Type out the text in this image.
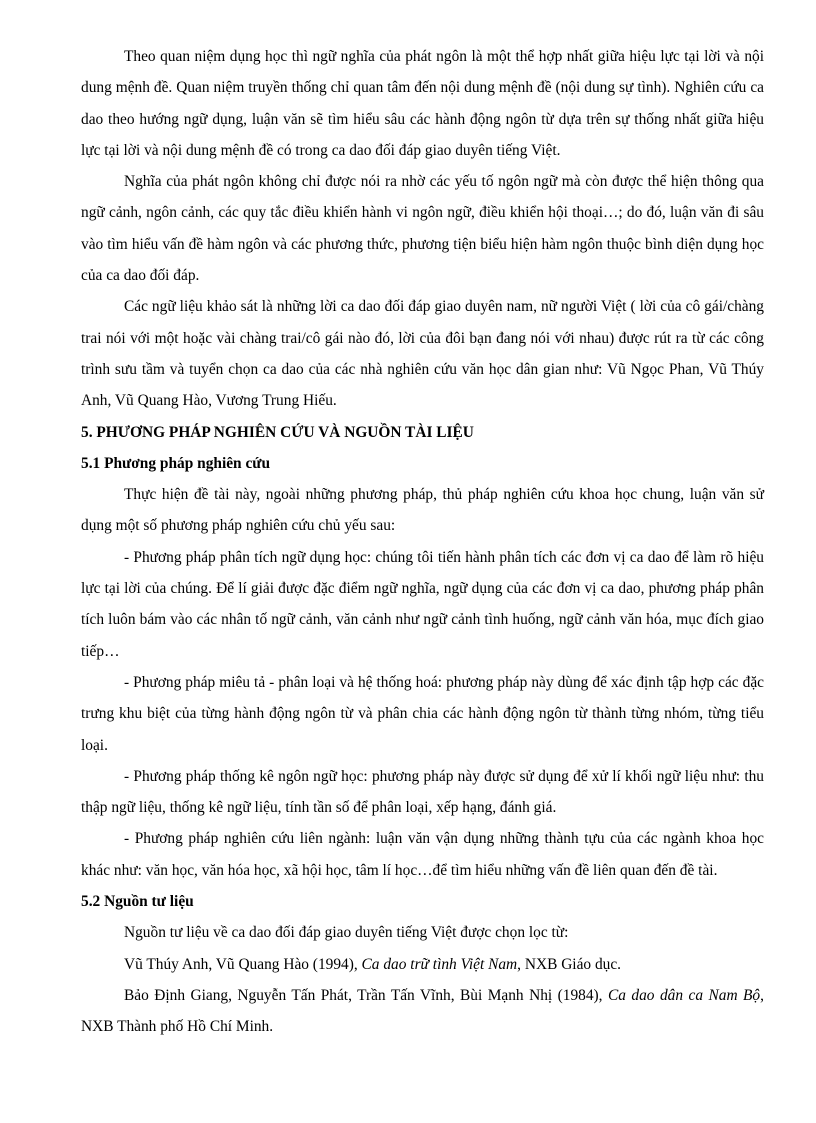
Theo quan niệm dụng học thì ngữ nghĩa của phát ngôn là một thể hợp nhất giữa hiệu lực tại lời và nội dung mệnh đề. Quan niệm truyền thống chỉ quan tâm đến nội dung mệnh đề (nội dung sự tình). Nghiên cứu ca dao theo hướng ngữ dụng, luận văn sẽ tìm hiểu sâu các hành động ngôn từ dựa trên sự thống nhất giữa hiệu lực tại lời và nội dung mệnh đề có trong ca dao đối đáp giao duyên tiếng Việt.

Nghĩa của phát ngôn không chỉ được nói ra nhờ các yếu tố ngôn ngữ mà còn được thể hiện thông qua ngữ cảnh, ngôn cảnh, các quy tắc điều khiển hành vi ngôn ngữ, điều khiển hội thoại…; do đó, luận văn đi sâu vào tìm hiểu vấn đề hàm ngôn và các phương thức, phương tiện biểu hiện hàm ngôn thuộc bình diện dụng học của ca dao đối đáp.

Các ngữ liệu khảo sát là những lời ca dao đối đáp giao duyên nam, nữ người Việt ( lời của cô gái/chàng trai nói với một hoặc vài chàng trai/cô gái nào đó, lời của đôi bạn đang nói với nhau) được rút ra từ các công trình sưu tầm và tuyển chọn ca dao của các nhà nghiên cứu văn học dân gian như: Vũ Ngọc Phan, Vũ Thúy Anh, Vũ Quang Hào, Vương Trung Hiếu.

5. PHƯƠNG PHÁP NGHIÊN CỨU VÀ NGUỒN TÀI LIỆU

5.1 Phương pháp nghiên cứu

Thực hiện đề tài này, ngoài những phương pháp, thủ pháp nghiên cứu khoa học chung, luận văn sử dụng một số phương pháp nghiên cứu chủ yếu sau:

- Phương pháp phân tích ngữ dụng học: chúng tôi tiến hành phân tích các đơn vị ca dao để làm rõ hiệu lực tại lời của chúng. Để lí giải được đặc điểm ngữ nghĩa, ngữ dụng của các đơn vị ca dao, phương pháp phân tích luôn bám vào các nhân tố ngữ cảnh, văn cảnh như ngữ cảnh tình huống, ngữ cảnh văn hóa, mục đích giao tiếp…

- Phương pháp miêu tả - phân loại và hệ thống hoá: phương pháp này dùng để xác định tập hợp các đặc trưng khu biệt của từng hành động ngôn từ và phân chia các hành động ngôn từ thành từng nhóm, từng tiểu loại.

- Phương pháp thống kê ngôn ngữ học: phương pháp này được sử dụng để xử lí khối ngữ liệu như: thu thập ngữ liệu, thống kê ngữ liệu, tính tần số để phân loại, xếp hạng, đánh giá.

- Phương pháp nghiên cứu liên ngành: luận văn vận dụng những thành tựu của các ngành khoa học khác như: văn học, văn hóa học, xã hội học, tâm lí học…để tìm hiểu những vấn đề liên quan đến đề tài.

5.2 Nguồn tư liệu

Nguồn tư liệu về ca dao đối đáp giao duyên tiếng Việt được chọn lọc từ:

Vũ Thúy Anh, Vũ Quang Hào (1994), Ca dao trữ tình Việt Nam, NXB Giáo dục.

Bảo Định Giang, Nguyễn Tấn Phát, Trần Tấn Vĩnh, Bùi Mạnh Nhị (1984), Ca dao dân ca Nam Bộ, NXB Thành phố Hồ Chí Minh.
